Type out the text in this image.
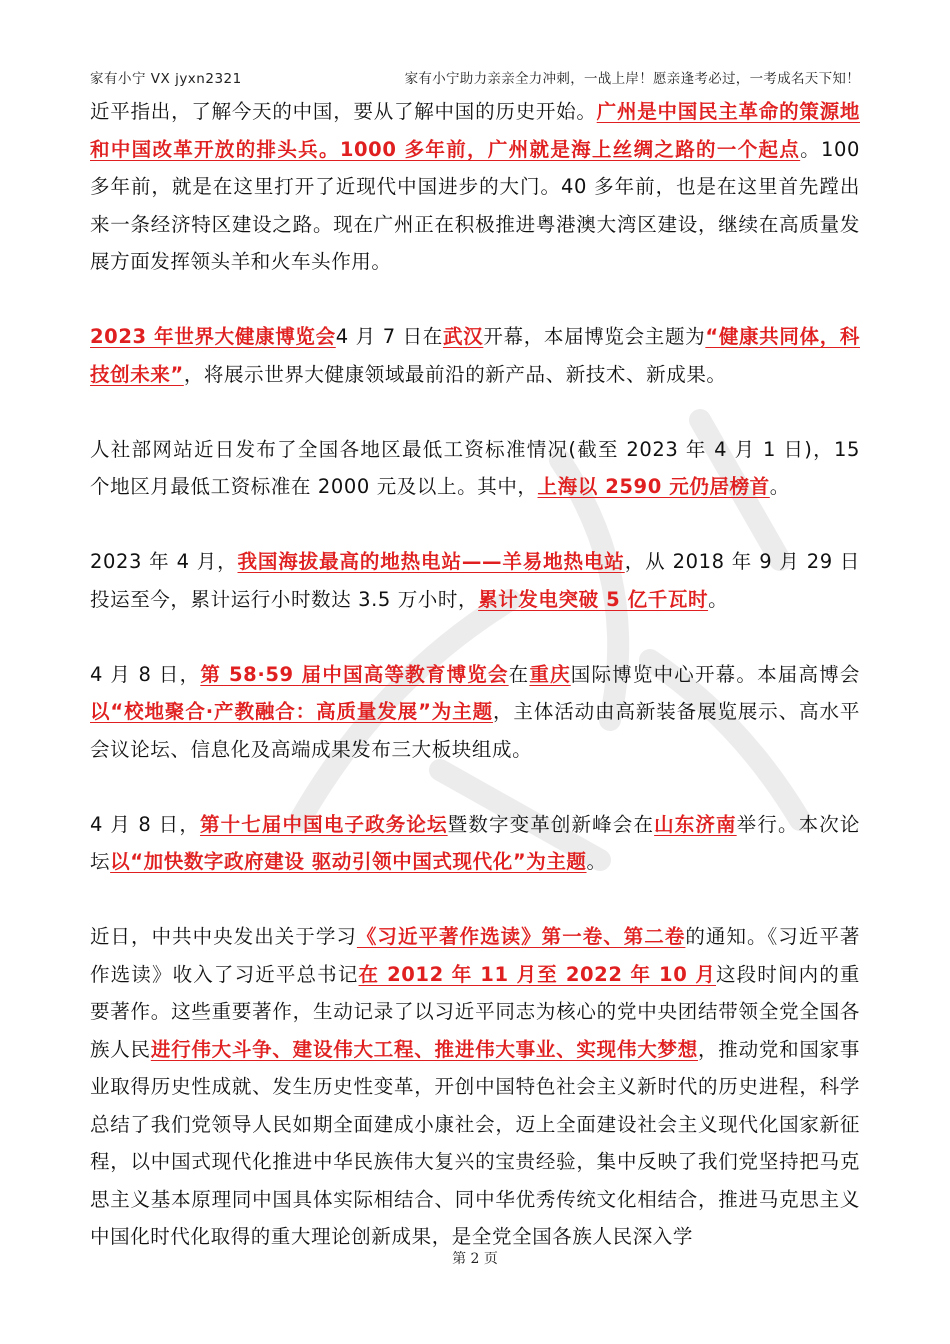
家有小宁 VX jyxn2321	家有小宁助力亲亲全力冲刺，一战上岸！愿亲逢考必过，一考成名天下知！

近平指出，了解今天的中国，要从了解中国的历史开始。广州是中国民主革命的策源地和中国改革开放的排头兵。1000 多年前，广州就是海上丝绸之路的一个起点。100 多年前，就是在这里打开了近现代中国进步的大门。40 多年前，也是在这里首先蹚出来一条经济特区建设之路。现在广州正在积极推进粤港澳大湾区建设，继续在高质量发展方面发挥领头羊和火车头作用。

2023 年世界大健康博览会4 月 7 日在武汉开幕，本届博览会主题为“健康共同体，科技创未来”，将展示世界大健康领域最前沿的新产品、新技术、新成果。

人社部网站近日发布了全国各地区最低工资标准情况(截至 2023 年 4 月 1 日)，15 个地区月最低工资标准在 2000 元及以上。其中，上海以 2590 元仍居榜首。

2023 年 4 月，我国海拔最高的地热电站——羊易地热电站，从 2018 年 9 月 29 日投运至今，累计运行小时数达 3.5 万小时，累计发电突破 5 亿千瓦时。

4 月 8 日，第 58·59 届中国高等教育博览会在重庆国际博览中心开幕。本届高博会以“校地聚合·产教融合：高质量发展”为主题，主体活动由高新装备展览展示、高水平会议论坛、信息化及高端成果发布三大板块组成。

4 月 8 日，第十七届中国电子政务论坛暨数字变革创新峰会在山东济南举行。本次论坛以“加快数字政府建设 驱动引领中国式现代化”为主题。

近日，中共中央发出关于学习《习近平著作选读》第一卷、第二卷的通知。《习近平著作选读》收入了习近平总书记在 2012 年 11 月至 2022 年 10 月这段时间内的重要著作。这些重要著作，生动记录了以习近平同志为核心的党中央团结带领全党全国各族人民进行伟大斗争、建设伟大工程、推进伟大事业、实现伟大梦想，推动党和国家事业取得历史性成就、发生历史性变革，开创中国特色社会主义新时代的历史进程，科学总结了我们党领导人民如期全面建成小康社会，迈上全面建设社会主义现代化国家新征程，以中国式现代化推进中华民族伟大复兴的宝贵经验，集中反映了我们党坚持把马克思主义基本原理同中国具体实际相结合、同中华优秀传统文化相结合，推进马克思主义中国化时代化取得的重大理论创新成果，是全党全国各族人民深入学

第 2 页
